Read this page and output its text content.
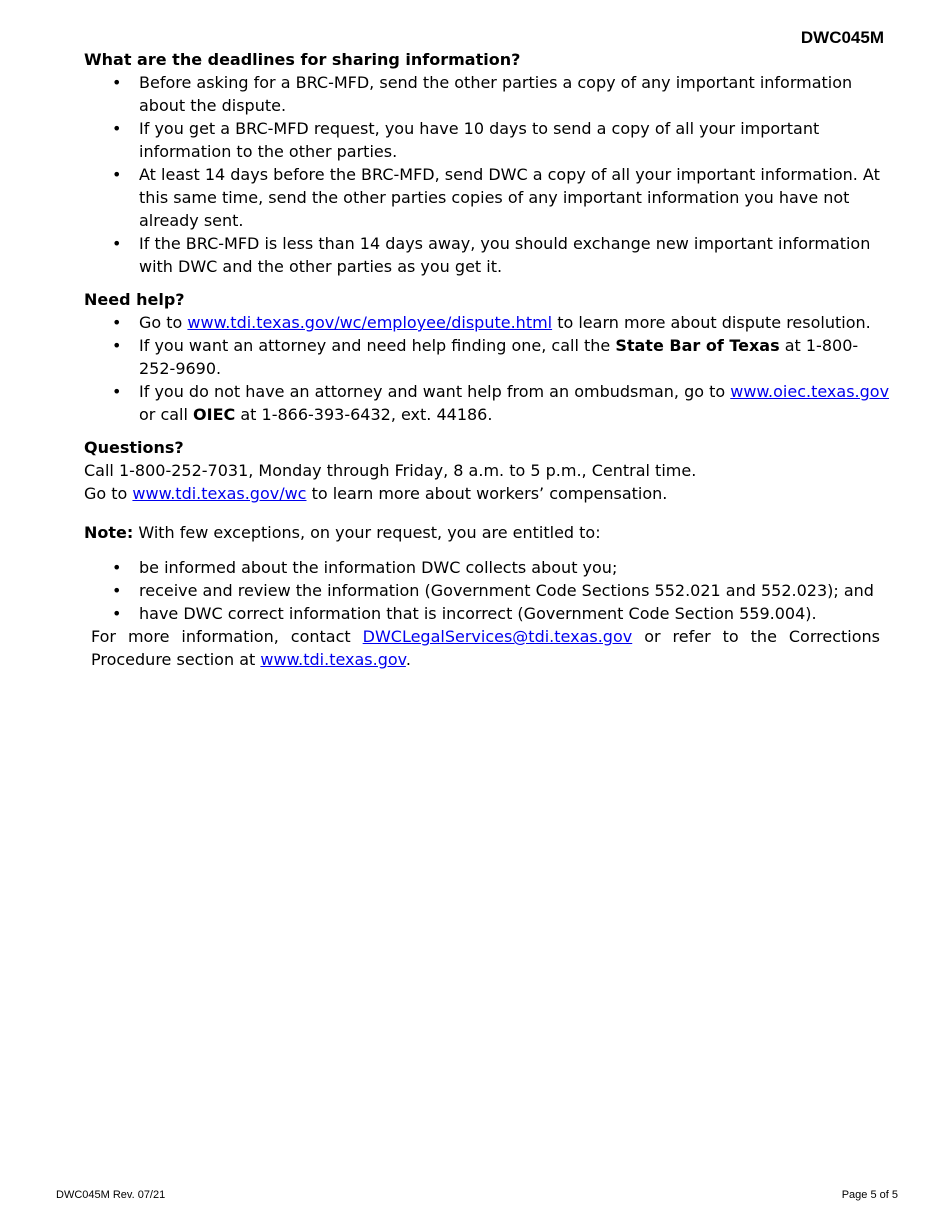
DWC045M
What are the deadlines for sharing information?
• Before asking for a BRC-MFD, send the other parties a copy of any important information about the dispute.
• If you get a BRC-MFD request, you have 10 days to send a copy of all your important information to the other parties.
• At least 14 days before the BRC-MFD, send DWC a copy of all your important information. At this same time, send the other parties copies of any important information you have not already sent.
• If the BRC-MFD is less than 14 days away, you should exchange new important information with DWC and the other parties as you get it.
Need help?
• Go to www.tdi.texas.gov/wc/employee/dispute.html to learn more about dispute resolution.
• If you want an attorney and need help finding one, call the State Bar of Texas at 1-800-252-9690.
• If you do not have an attorney and want help from an ombudsman, go to www.oiec.texas.gov or call OIEC at 1-866-393-6432, ext. 44186.
Questions?

Call 1-800-252-7031, Monday through Friday, 8 a.m. to 5 p.m., Central time.

Go to www.tdi.texas.gov/wc to learn more about workers’ compensation.

Note: With few exceptions, on your request, you are entitled to:

• be informed about the information DWC collects about you;
• receive and review the information (Government Code Sections 552.021 and 552.023); and
• have DWC correct information that is incorrect (Government Code Section 559.004).

For more information, contact DWCLegalServices@tdi.texas.gov or refer to the Corrections Procedure section at www.tdi.texas.gov.

DWC045M Rev. 07/21	Page 5 of 5
